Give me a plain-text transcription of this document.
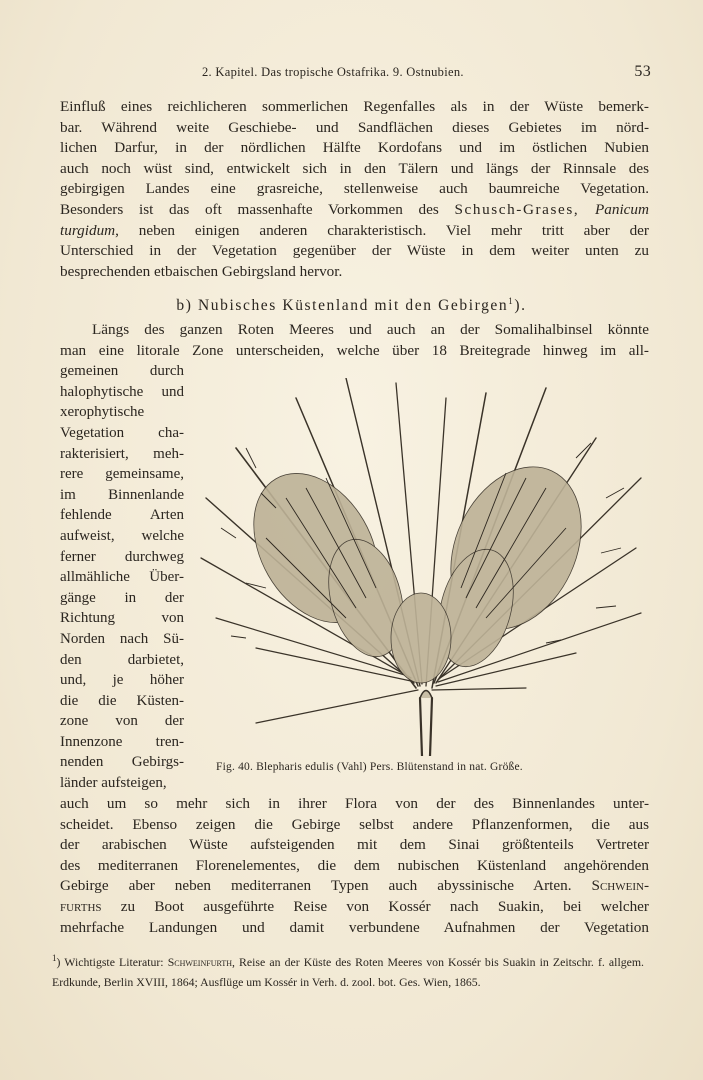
2. Kapitel. Das tropische Ostafrika. 9. Ostnubien.	53
Einfluß eines reichlicheren sommerlichen Regenfalles als in der Wüste bemerk-
bar. Während weite Geschiebe- und Sandflächen dieses Gebietes im nörd-
lichen Darfur, in der nördlichen Hälfte Kordofans und im östlichen Nubien
auch noch wüst sind, entwickelt sich in den Tälern und längs der Rinnsale des
gebirgigen Landes eine grasreiche, stellenweise auch baumreiche Vegetation.
Besonders ist das oft massenhafte Vorkommen des Schusch-Grases, Panicum
turgidum, neben einigen anderen charakteristisch. Viel mehr tritt aber der
Unterschied in der Vegetation gegenüber der Wüste in dem weiter unten zu
besprechenden etbaischen Gebirgsland hervor.
b) Nubisches Küstenland mit den Gebirgen$^1$).
Längs des ganzen Roten Meeres und auch an der Somalihalbinsel könnte
man eine litorale Zone unterscheiden, welche über 18 Breitegrade hinweg im all-
gemeinen durch
halophytische und
xerophytische
Vegetation cha-
rakterisiert, meh-
rere gemeinsame,
im Binnenlande
fehlende Arten
aufweist, welche
ferner durchweg
allmähliche Über-
gänge in der
Richtung von
Norden nach Sü-
den darbietet,
und, je höher
die die Küsten-
zone von der
Innenzone tren-
nenden Gebirgs-
länder aufsteigen,
auch um so mehr sich in ihrer Flora von der des Binnenlandes unter-
scheidet. Ebenso zeigen die Gebirge selbst andere Pflanzenformen, die aus
der arabischen Wüste aufsteigenden mit dem Sinai größtenteils Vertreter
des mediterranen Florenelementes, die dem nubischen Küstenland angehörenden
Gebirge aber neben mediterranen Typen auch abyssinische Arten. Schwein-
furths zu Boot ausgeführte Reise von Kossér nach Suakin, bei welcher
mehrfache Landungen und damit verbundene Aufnahmen der Vegetation
Fig. 40. Blepharis edulis (Vahl) Pers. Blütenstand in nat. Größe.
$^1$) Wichtigste Literatur: Schweinfurth, Reise an der Küste des Roten Meeres von Kossér bis Suakin in Zeitschr. f. allgem. Erdkunde, Berlin XVIII, 1864; Ausflüge um Kossér in Verh. d. zool. bot. Ges. Wien, 1865.
